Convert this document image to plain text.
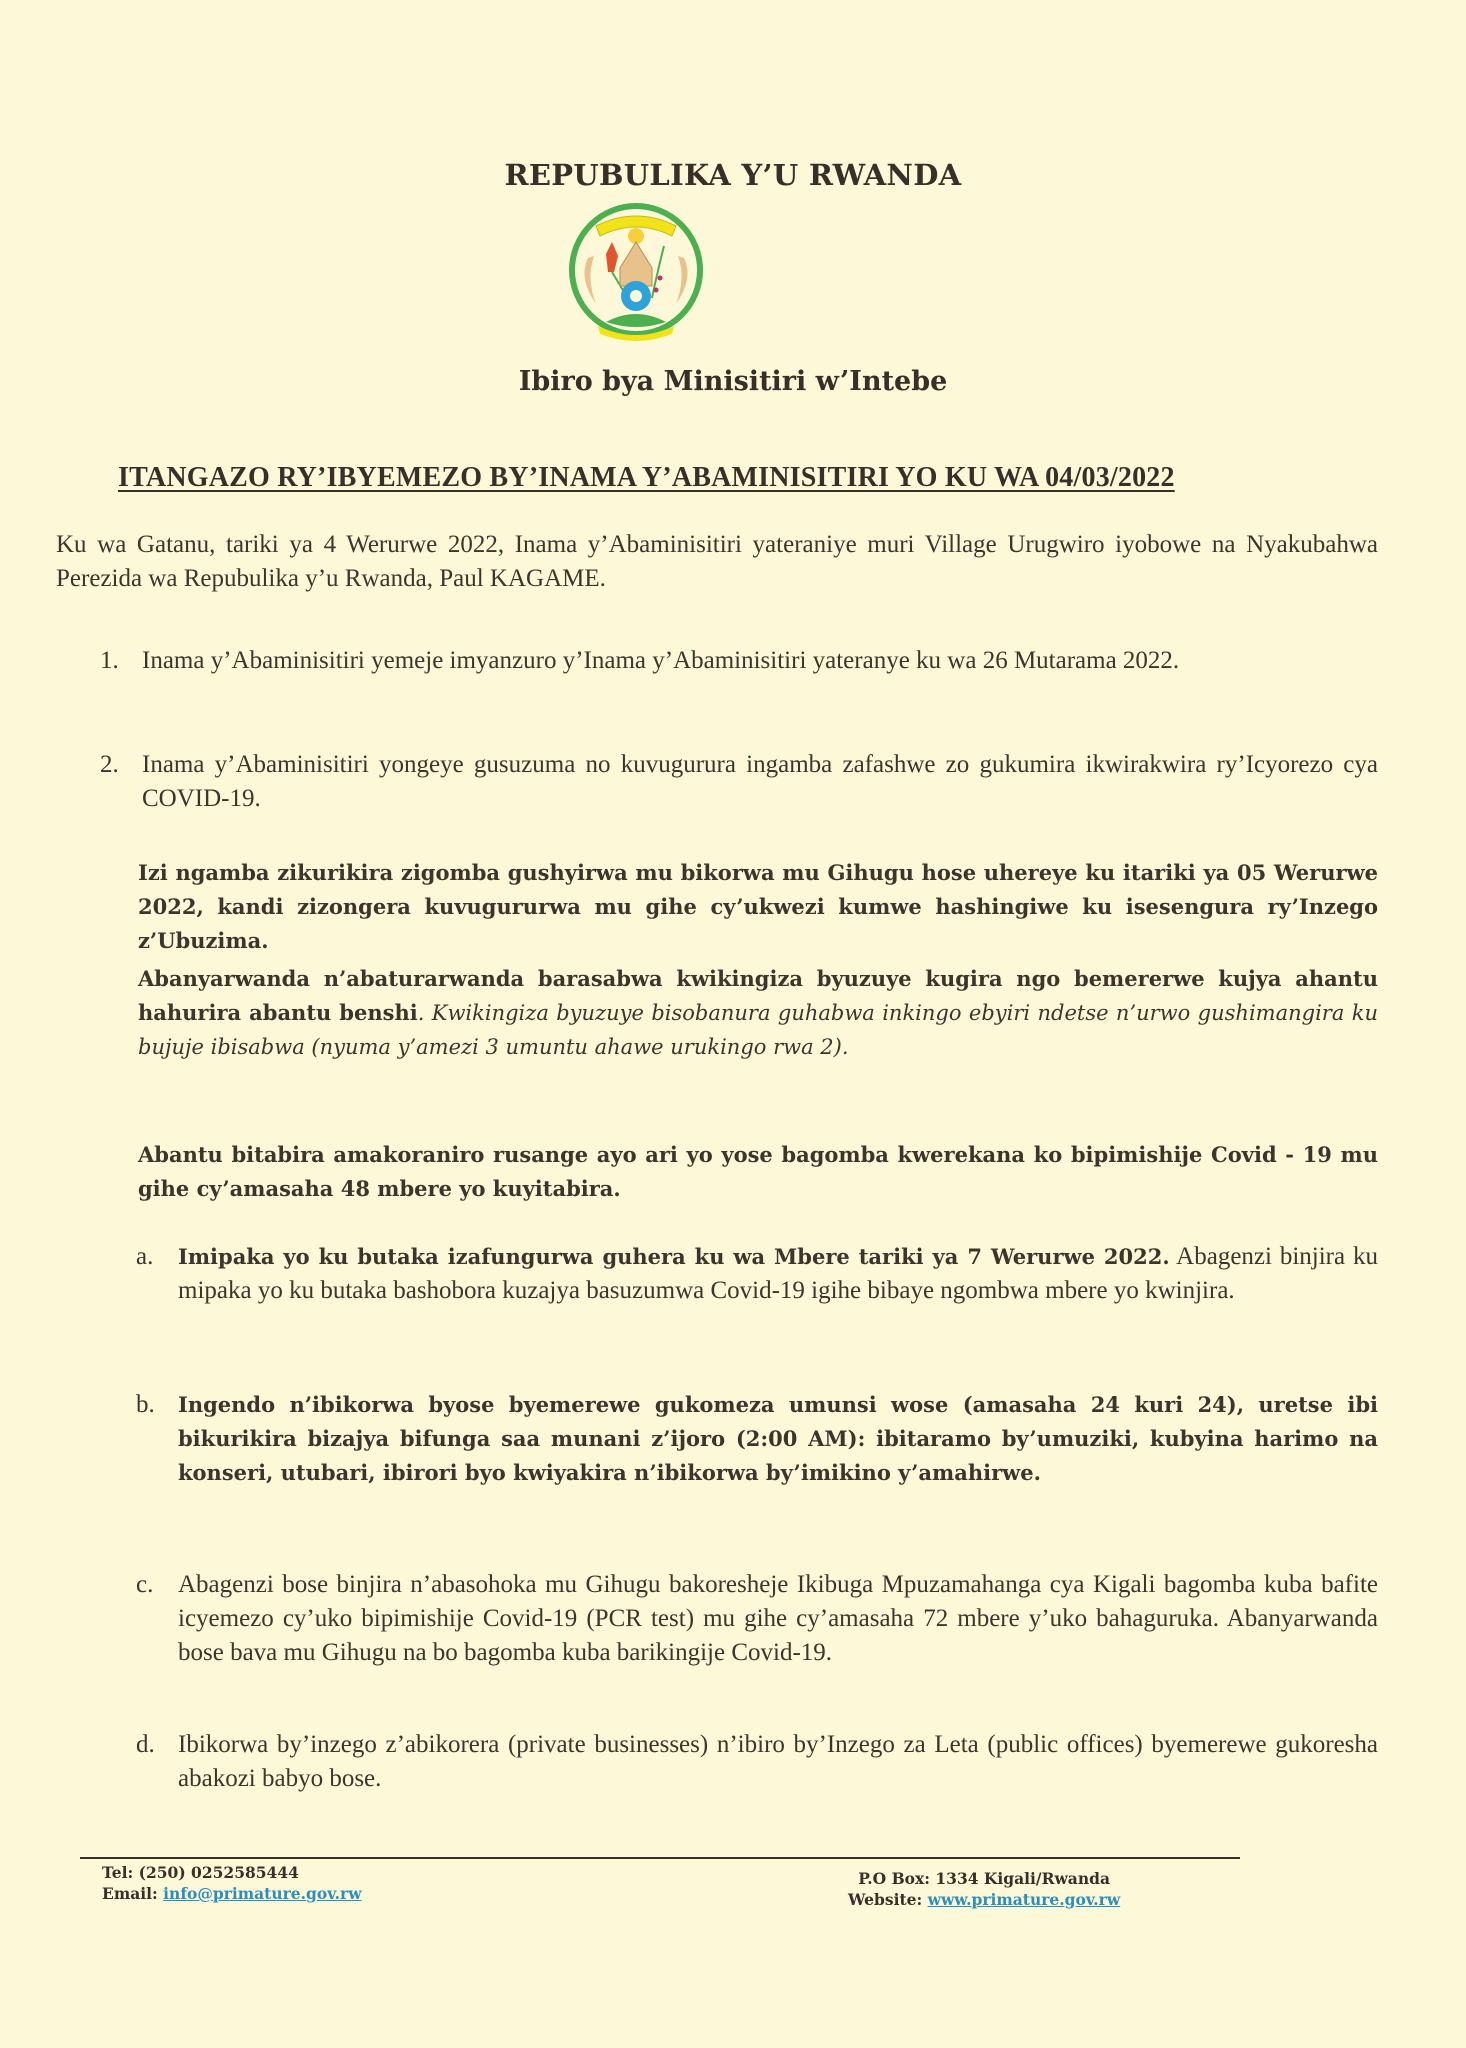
REPUBULIKA Y’U RWANDA
Ibiro bya Minisitiri w’Intebe
ITANGAZO RY’IBYEMEZO BY’INAMA Y’ABAMINISITIRI YO KU WA 04/03/2022
Ku wa Gatanu, tariki ya 4 Werurwe 2022, Inama y’Abaminisitiri yateraniye muri Village Urugwiro iyobowe na Nyakubahwa Perezida wa Repubulika y’u Rwanda, Paul KAGAME.
1. Inama y’Abaminisitiri yemeje imyanzuro y’Inama y’Abaminisitiri yateranye ku wa 26 Mutarama 2022.
2. Inama y’Abaminisitiri yongeye gusuzuma no kuvugurura ingamba zafashwe zo gukumira ikwirakwira ry’Icyorezo cya COVID-19.
Izi ngamba zikurikira zigomba gushyirwa mu bikorwa mu Gihugu hose uhereye ku itariki ya 05 Werurwe 2022, kandi zizongera kuvugururwa mu gihe cy’ukwezi kumwe hashingiwe ku isesengura ry’Inzego z’Ubuzima.
Abanyarwanda n’abaturarwanda barasabwa kwikingiza byuzuye kugira ngo bemererwe kujya ahantu hahurira abantu benshi. Kwikingiza byuzuye bisobanura guhabwa inkingo ebyiri ndetse n’urwo gushimangira ku bujuje ibisabwa (nyuma y’amezi 3 umuntu ahawe urukingo rwa 2).
Abantu bitabira amakoraniro rusange ayo ari yo yose bagomba kwerekana ko bipimishije Covid - 19 mu gihe cy’amasaha 48 mbere yo kuyitabira.
a. Imipaka yo ku butaka izafungurwa guhera ku wa Mbere tariki ya 7 Werurwe 2022. Abagenzi binjira ku mipaka yo ku butaka bashobora kuzajya basuzumwa Covid-19 igihe bibaye ngombwa mbere yo kwinjira.
b. Ingendo n’ibikorwa byose byemerewe gukomeza umunsi wose (amasaha 24 kuri 24), uretse ibi bikurikira bizajya bifunga saa munani z’ijoro (2:00 AM): ibitaramo by’umuziki, kubyina harimo na konseri, utubari, ibirori byo kwiyakira n’ibikorwa by’imikino y’amahirwe.
c. Abagenzi bose binjira n’abasohoka mu Gihugu bakoresheje Ikibuga Mpuzamahanga cya Kigali bagomba kuba bafite icyemezo cy’uko bipimishije Covid-19 (PCR test) mu gihe cy’amasaha 72 mbere y’uko bahaguruka. Abanyarwanda bose bava mu Gihugu na bo bagomba kuba barikingije Covid-19.
d. Ibikorwa by’inzego z’abikorera (private businesses) n’ibiro by’Inzego za Leta (public offices) byemerewe gukoresha abakozi babyo bose.
Tel: (250) 0252585444
Email: info@primature.gov.rw
P.O Box: 1334 Kigali/Rwanda
Website: www.primature.gov.rw
